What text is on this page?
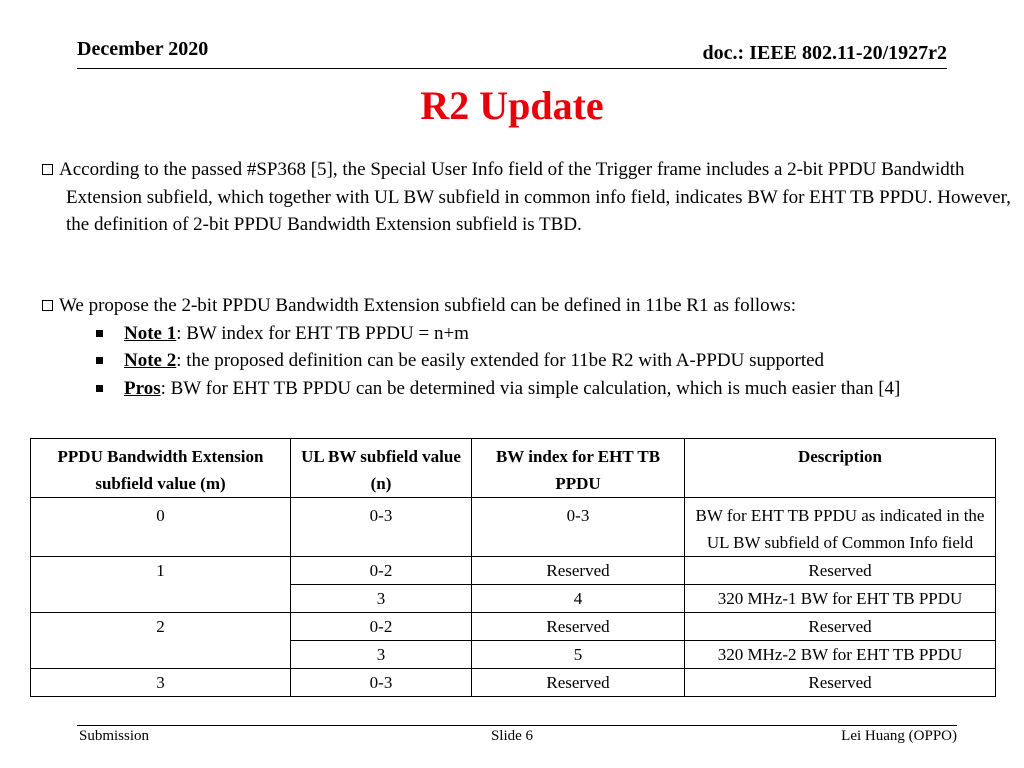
December 2020	doc.: IEEE 802.11-20/1927r2
R2 Update
According to the passed #SP368 [5], the Special User Info field of the Trigger frame includes a 2-bit PPDU Bandwidth Extension subfield, which together with UL BW subfield in common info field, indicates BW for EHT TB PPDU. However, the definition of 2-bit PPDU Bandwidth Extension subfield is TBD.
We propose the 2-bit PPDU Bandwidth Extension subfield can be defined in 11be R1 as follows:
Note 1: BW index for EHT TB PPDU = n+m
Note 2: the proposed definition can be easily extended for 11be R2 with A-PPDU supported
Pros: BW for EHT TB PPDU can be determined via simple calculation, which is much easier than [4]
PPDU Bandwidth Extension subfield value (m)	UL BW subfield value (n)	BW index for EHT TB PPDU	Description
0	0-3	0-3	BW for EHT TB PPDU as indicated in the UL BW subfield of Common Info field
1	0-2	Reserved	Reserved
	3	4	320 MHz-1 BW for EHT TB PPDU
2	0-2	Reserved	Reserved
	3	5	320 MHz-2 BW for EHT TB PPDU
3	0-3	Reserved	Reserved
Submission	Slide 6	Lei Huang (OPPO)
